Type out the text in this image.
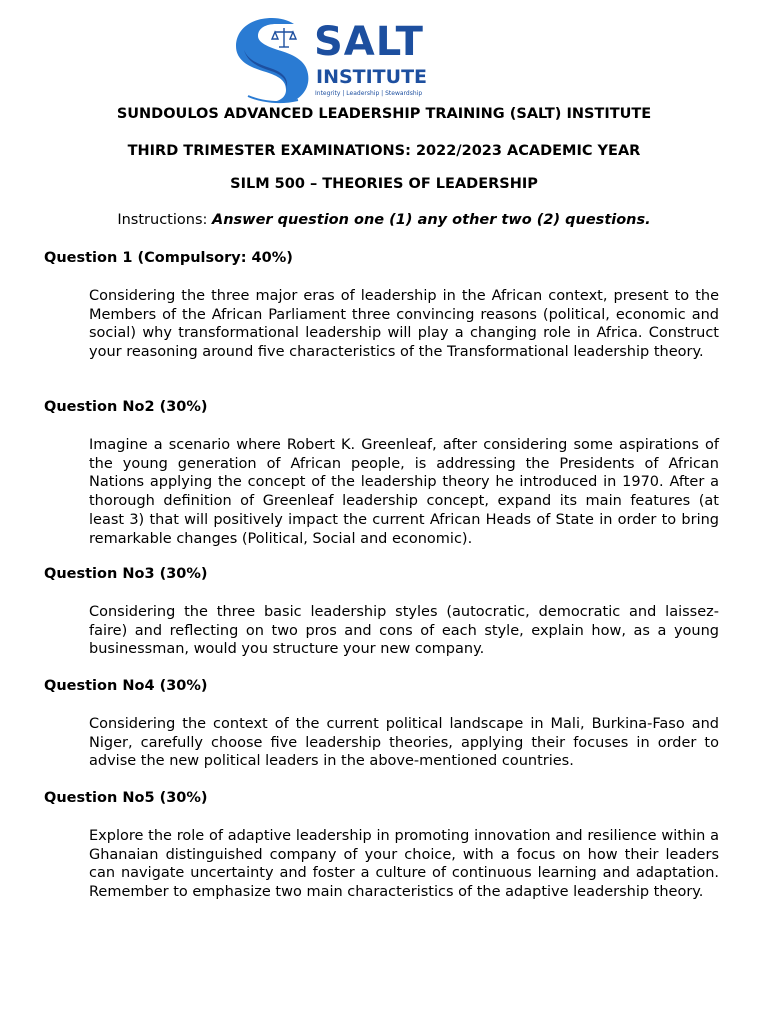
SALT
INSTITUTE
Integrity | Leadership | Stewardship
SUNDOULOS ADVANCED LEADERSHIP TRAINING (SALT) INSTITUTE
THIRD TRIMESTER EXAMINATIONS: 2022/2023 ACADEMIC YEAR
SILM 500 – THEORIES OF LEADERSHIP
Instructions: Answer question one (1) any other two (2) questions.
Question 1 (Compulsory: 40%)

Considering the three major eras of leadership in the African context, present to the Members of the African Parliament three convincing reasons (political, economic and social) why transformational leadership will play a changing role in Africa. Construct your reasoning around five characteristics of the Transformational leadership theory.

Question No2 (30%)

Imagine a scenario where Robert K. Greenleaf, after considering some aspirations of the young generation of African people, is addressing the Presidents of African Nations applying the concept of the leadership theory he introduced in 1970. After a thorough definition of Greenleaf leadership concept, expand its main features (at least 3) that will positively impact the current African Heads of State in order to bring remarkable changes (Political, Social and economic).

Question No3 (30%)

Considering the three basic leadership styles (autocratic, democratic and laissez-faire) and reflecting on two pros and cons of each style, explain how, as a young businessman, would you structure your new company.

Question No4 (30%)

Considering the context of the current political landscape in Mali, Burkina-Faso and Niger, carefully choose five leadership theories, applying their focuses in order to advise the new political leaders in the above-mentioned countries.

Question No5 (30%)

Explore the role of adaptive leadership in promoting innovation and resilience within a Ghanaian distinguished company of your choice, with a focus on how their leaders can navigate uncertainty and foster a culture of continuous learning and adaptation. Remember to emphasize two main characteristics of the adaptive leadership theory.
